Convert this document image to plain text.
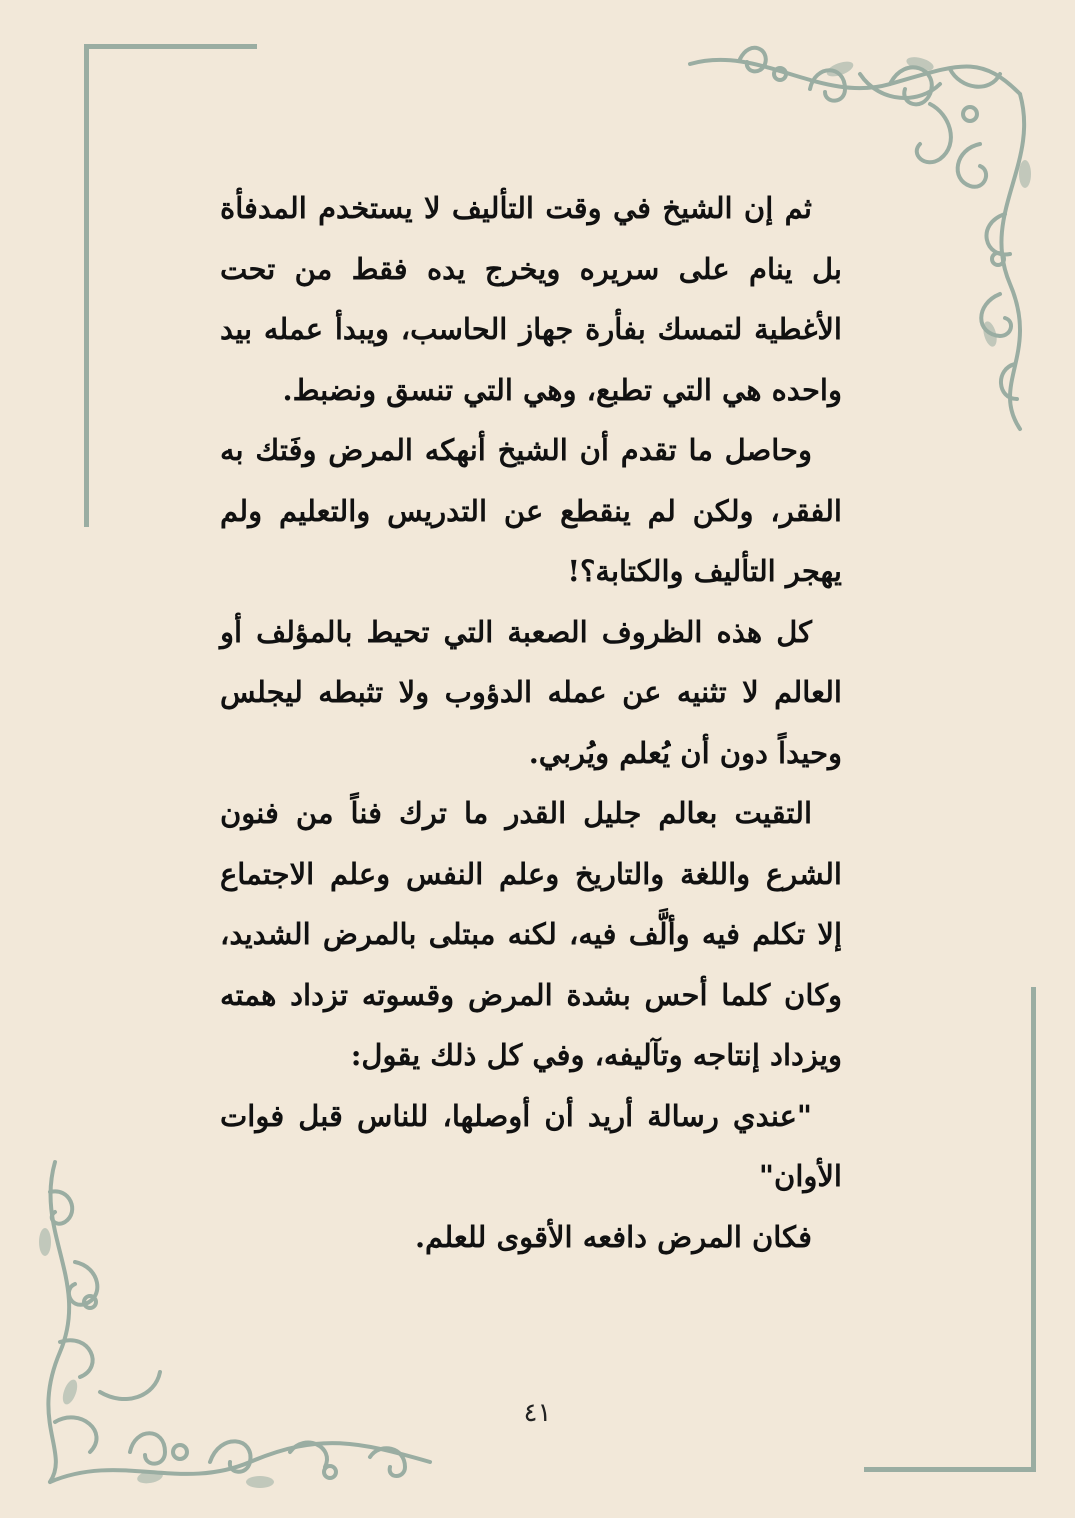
ثم إن الشيخ في وقت التأليف لا يستخدم المدفأة بل ينام على سريره ويخرج يده فقط من تحت الأغطية لتمسك بفأرة جهاز الحاسب، ويبدأ عمله بيد واحده هي التي تطبع، وهي التي تنسق ونضبط.

وحاصل ما تقدم أن الشيخ أنهكه المرض وفَتك به الفقر، ولكن لم ينقطع عن التدريس والتعليم ولم يهجر التأليف والكتابة؟!

كل هذه الظروف الصعبة التي تحيط بالمؤلف أو العالم لا تثنيه عن عمله الدؤوب ولا تثبطه ليجلس وحيداً دون أن يُعلم ويُربي.

التقيت بعالم جليل القدر ما ترك فناً من فنون الشرع واللغة والتاريخ وعلم النفس وعلم الاجتماع إلا تكلم فيه وألَّف فيه، لكنه مبتلى بالمرض الشديد، وكان كلما أحس بشدة المرض وقسوته تزداد همته ويزداد إنتاجه وتآليفه، وفي كل ذلك يقول:

"عندي رسالة أريد أن أوصلها، للناس قبل فوات الأوان"

فكان المرض دافعه الأقوى للعلم.

٤١
